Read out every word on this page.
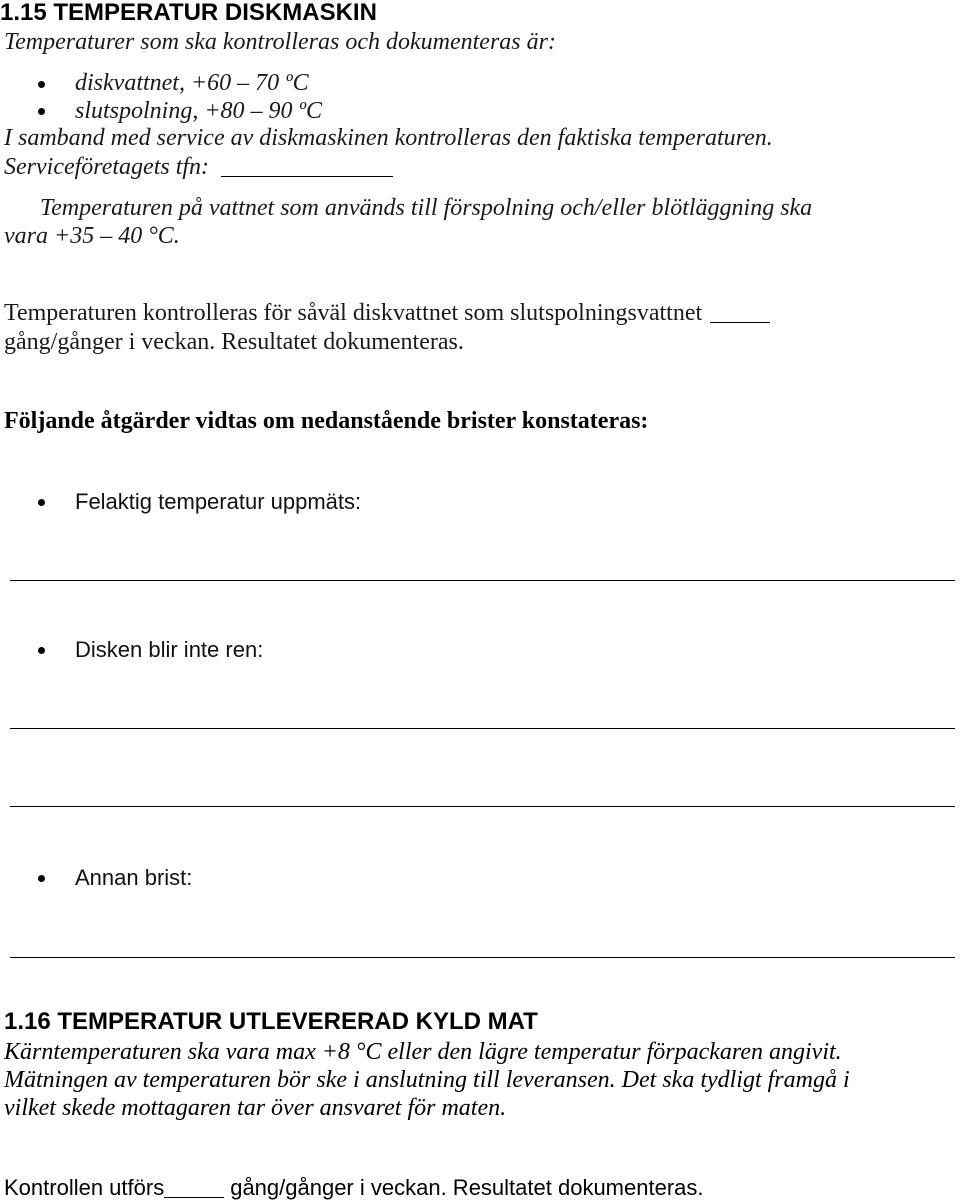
1.15 TEMPERATUR DISKMASKIN
Temperaturer som ska kontrolleras och dokumenteras är:
diskvattnet, +60 – 70 ºC
slutspolning, +80 – 90 ºC
I samband med service av diskmaskinen kontrolleras den faktiska temperaturen.
Serviceföretagets tfn:
Temperaturen på vattnet som används till förspolning och/eller blötläggning ska
vara +35 – 40 °C.
Temperaturen kontrolleras för såväl diskvattnet som slutspolningsvattnet
gång/gånger i veckan. Resultatet dokumenteras.
Följande åtgärder vidtas om nedanstående brister konstateras:
Felaktig temperatur uppmäts:
Disken blir inte ren:
Annan brist:
1.16 TEMPERATUR UTLEVERERAD KYLD MAT
Kärntemperaturen ska vara max +8 °C eller den lägre temperatur förpackaren angivit.
Mätningen av temperaturen bör ske i anslutning till leveransen. Det ska tydligt framgå i
vilket skede mottagaren tar över ansvaret för maten.
Kontrollen utförs	gång/gånger i veckan. Resultatet dokumenteras.
